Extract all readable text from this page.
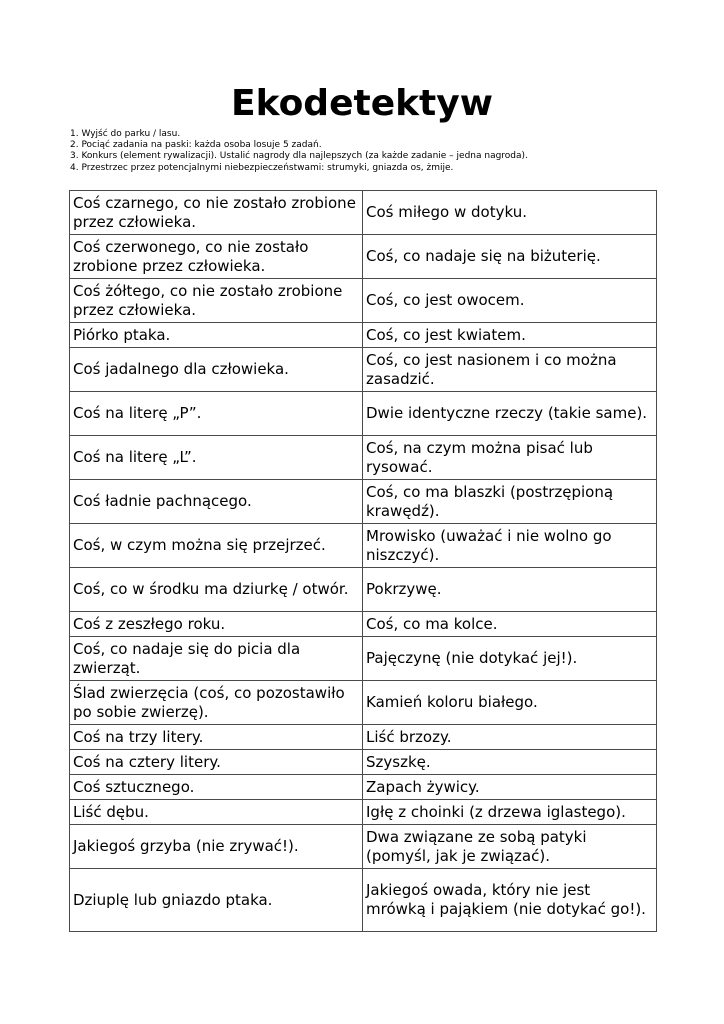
Ekodetektyw
1. Wyjść do parku / lasu.
2. Pociąć zadania na paski: każda osoba losuje 5 zadań.
3. Konkurs (element rywalizacji). Ustalić nagrody dla najlepszych (za każde zadanie – jedna nagroda).
4. Przestrzec przez potencjalnymi niebezpieczeństwami: strumyki, gniazda os, żmije.
Coś czarnego, co nie zostało zrobione przez człowieka.	Coś miłego w dotyku.
Coś czerwonego, co nie zostało zrobione przez człowieka.	Coś, co nadaje się na biżuterię.
Coś żółtego, co nie zostało zrobione przez człowieka.	Coś, co jest owocem.
Piórko ptaka.	Coś, co jest kwiatem.
Coś jadalnego dla człowieka.	Coś, co jest nasionem i co można zasadzić.
Coś na literę „P”.	Dwie identyczne rzeczy (takie same).
Coś na literę „L”.	Coś, na czym można pisać lub rysować.
Coś ładnie pachnącego.	Coś, co ma blaszki (postrzępioną krawędź).
Coś, w czym można się przejrzeć.	Mrowisko (uważać i nie wolno go niszczyć).
Coś, co w środku ma dziurkę / otwór.	Pokrzywę.
Coś z zeszłego roku.	Coś, co ma kolce.
Coś, co nadaje się do picia dla zwierząt.	Pajęczynę (nie dotykać jej!).
Ślad zwierzęcia (coś, co pozostawiło po sobie zwierzę).	Kamień koloru białego.
Coś na trzy litery.	Liść brzozy.
Coś na cztery litery.	Szyszkę.
Coś sztucznego.	Zapach żywicy.
Liść dębu.	Igłę z choinki (z drzewa iglastego).
Jakiegoś grzyba (nie zrywać!).	Dwa związane ze sobą patyki (pomyśl, jak je związać).
Dziuplę lub gniazdo ptaka.	Jakiegoś owada, który nie jest mrówką i pająkiem (nie dotykać go!).
